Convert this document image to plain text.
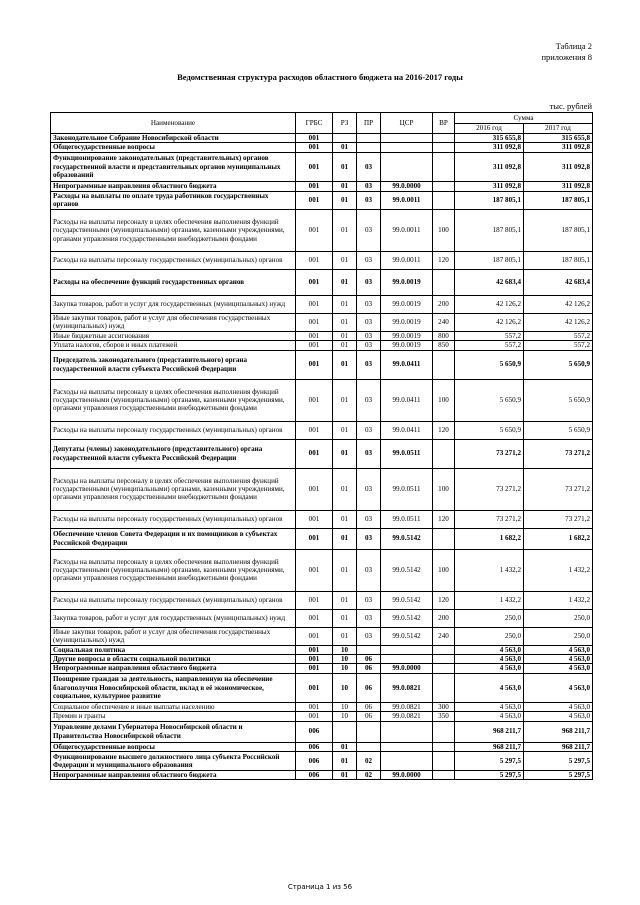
Таблица 2
приложения 8
Ведомственная структура расходов областного бюджета на 2016-2017 годы
тыс. рублей
Наименование	ГРБС	РЗ	ПР	ЦСР	ВР	Сумма	
						2016 год	2017 год
Законодательное Собрание Новосибирской области	001					315 655,8	315 655,8
Общегосударственные вопросы	001	01				311 092,8	311 092,8
Функционирование законодательных (представительных) органов государственной власти и представительных органов муниципальных образований	001	01	03			311 092,8	311 092,8
Непрограммные направления областного бюджета	001	01	03	99.0.0000		311 092,8	311 092,8
Расходы на выплаты по оплате труда работников государственных органов	001	01	03	99.0.0011		187 805,1	187 805,1
Расходы на выплаты персоналу в целях обеспечения выполнения функций государственными (муниципальными) органами, казенными учреждениями, органами управления государственными внебюджетными фондами	001	01	03	99.0.0011	100	187 805,1	187 805,1
Расходы на выплаты персоналу государственных (муниципальных) органов	001	01	03	99.0.0011	120	187 805,1	187 805,1
Расходы на обеспечение функций государственных органов	001	01	03	99.0.0019		42 683,4	42 683,4
Закупка товаров, работ и услуг для государственных (муниципальных) нужд	001	01	03	99.0.0019	200	42 126,2	42 126,2
Иные закупки товаров, работ и услуг для обеспечения государственных (муниципальных) нужд	001	01	03	99.0.0019	240	42 126,2	42 126,2
Иные бюджетные ассигнования	001	01	03	99.0.0019	800	557,2	557,2
Уплата налогов, сборов и иных платежей	001	01	03	99.0.0019	850	557,2	557,2
Председатель законодательного (представительного) органа государственной власти субъекта Российской Федерации	001	01	03	99.0.0411		5 650,9	5 650,9
Расходы на выплаты персоналу в целях обеспечения выполнения функций государственными (муниципальными) органами, казенными учреждениями, органами управления государственными внебюджетными фондами	001	01	03	99.0.0411	100	5 650,9	5 650,9
Расходы на выплаты персоналу государственных (муниципальных) органов	001	01	03	99.0.0411	120	5 650,9	5 650,9
Депутаты (члены) законодательного (представительного) органа государственной власти субъекта Российской Федерации	001	01	03	99.0.0511		73 271,2	73 271,2
Расходы на выплаты персоналу в целях обеспечения выполнения функций государственными (муниципальными) органами, казенными учреждениями, органами управления государственными внебюджетными фондами	001	01	03	99.0.0511	100	73 271,2	73 271,2
Расходы на выплаты персоналу государственных (муниципальных) органов	001	01	03	99.0.0511	120	73 271,2	73 271,2
Обеспечение членов Совета Федерации и их помощников в субъектах Российской Федерации	001	01	03	99.0.5142		1 682,2	1 682,2
Расходы на выплаты персоналу в целях обеспечения выполнения функций государственными (муниципальными) органами, казенными учреждениями, органами управления государственными внебюджетными фондами	001	01	03	99.0.5142	100	1 432,2	1 432,2
Расходы на выплаты персоналу государственных (муниципальных) органов	001	01	03	99.0.5142	120	1 432,2	1 432,2
Закупка товаров, работ и услуг для государственных (муниципальных) нужд	001	01	03	99.0.5142	200	250,0	250,0
Иные закупки товаров, работ и услуг для обеспечения государственных (муниципальных) нужд	001	01	03	99.0.5142	240	250,0	250,0
Социальная политика	001	10				4 563,0	4 563,0
Другие вопросы в области социальной политики	001	10	06			4 563,0	4 563,0
Непрограммные направления областного бюджета	001	10	06	99.0.0000		4 563,0	4 563,0
Поощрение граждан за деятельность, направленную на обеспечение благополучия Новосибирской области, вклад в её экономическое, социальное, культурное развитие	001	10	06	99.0.0821		4 563,0	4 563,0
Социальное обеспечение и иные выплаты населению	001	10	06	99.0.0821	300	4 563,0	4 563,0
Премии и гранты	001	10	06	99.0.0821	350	4 563,0	4 563,0
Управление делами Губернатора Новосибирской области и Правительства Новосибирской области	006					968 211,7	968 211,7
Общегосударственные вопросы	006	01				968 211,7	968 211,7
Функционирование высшего должностного лица субъекта Российской Федерации и муниципального образования	006	01	02			5 297,5	5 297,5
Непрограммные направления областного бюджета	006	01	02	99.0.0000		5 297,5	5 297,5
Страница 1 из 56
